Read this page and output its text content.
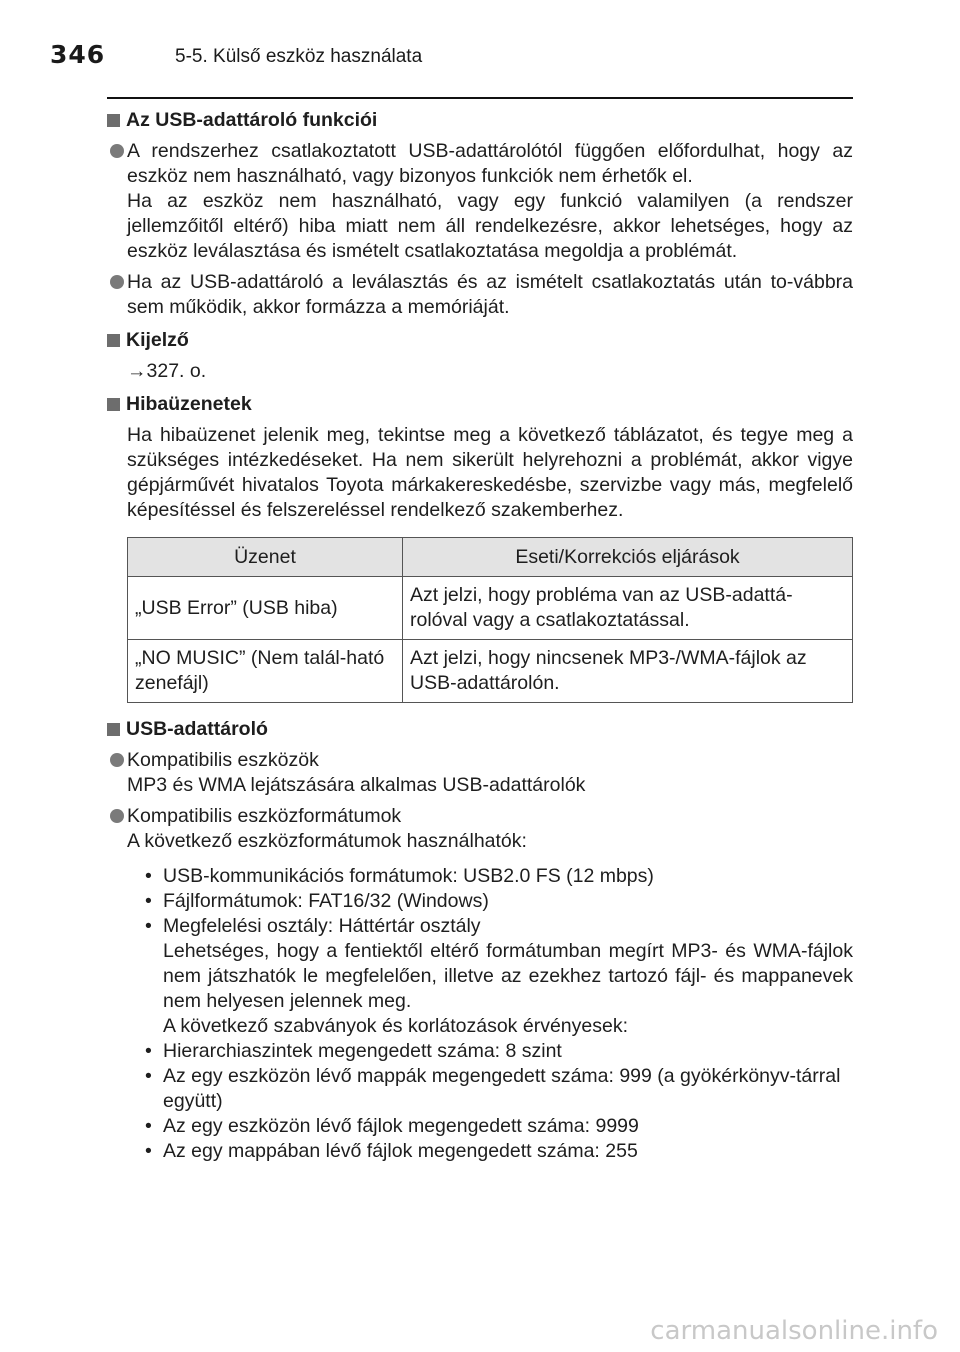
346	5-5. Külső eszköz használata
Az USB-adattároló funkciói
A rendszerhez csatlakoztatott USB-adattárolótól függően előfordulhat, hogy az eszköz nem használható, vagy bizonyos funkciók nem érhetők el.
Ha az eszköz nem használható, vagy egy funkció valamilyen (a rendszer jellemzőitől eltérő) hiba miatt nem áll rendelkezésre, akkor lehetséges, hogy az eszköz leválasztása és ismételt csatlakoztatása megoldja a problémát.
Ha az USB-adattároló a leválasztás és az ismételt csatlakoztatás után to-vábbra sem működik, akkor formázza a memóriáját.
Kijelző
→327. o.
Hibaüzenetek
Ha hibaüzenet jelenik meg, tekintse meg a következő táblázatot, és tegye meg a szükséges intézkedéseket. Ha nem sikerült helyrehozni a problémát, akkor vigye gépjárművét hivatalos Toyota márkakereskedésbe, szervizbe vagy más, megfelelő képesítéssel és felszereléssel rendelkező szakemberhez.
Üzenet	Eseti/Korrekciós eljárások
„USB Error” (USB hiba)	Azt jelzi, hogy probléma van az USB-adattá-rolóval vagy a csatlakoztatással.
„NO MUSIC” (Nem talál-ható zenefájl)	Azt jelzi, hogy nincsenek MP3-/WMA-fájlok az USB-adattárolón.
USB-adattároló
Kompatibilis eszközök
MP3 és WMA lejátszására alkalmas USB-adattárolók
Kompatibilis eszközformátumok
A következő eszközformátumok használhatók:
• USB-kommunikációs formátumok: USB2.0 FS (12 mbps)
• Fájlformátumok: FAT16/32 (Windows)
• Megfelelési osztály: Háttértár osztály
Lehetséges, hogy a fentiektől eltérő formátumban megírt MP3- és WMA-fájlok nem játszhatók le megfelelően, illetve az ezekhez tartozó fájl- és mappanevek nem helyesen jelennek meg.
A következő szabványok és korlátozások érvényesek:
• Hierarchiaszintek megengedett száma: 8 szint
• Az egy eszközön lévő mappák megengedett száma: 999 (a gyökérkönyv-tárral együtt)
• Az egy eszközön lévő fájlok megengedett száma: 9999
• Az egy mappában lévő fájlok megengedett száma: 255
carmanualsonline.info
